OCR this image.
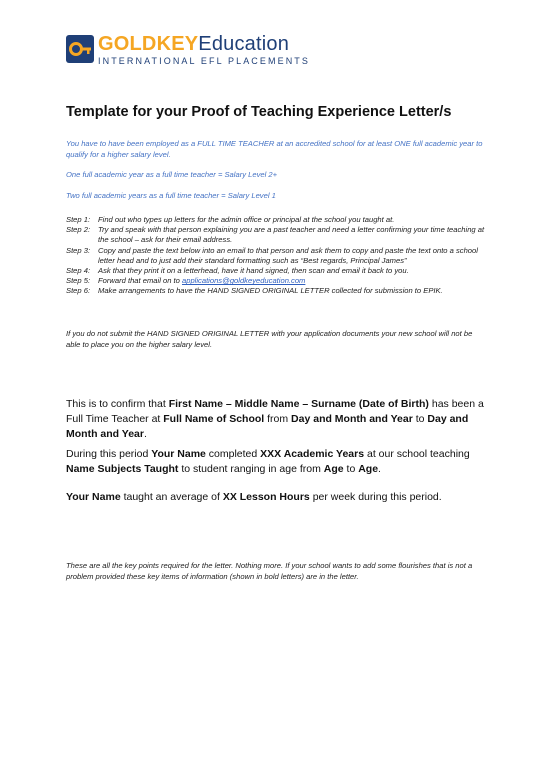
GOLDKEYEducation
INTERNATIONAL EFL PLACEMENTS
Template for your Proof of Teaching Experience Letter/s

You have to have been employed as a FULL TIME TEACHER at an accredited school for at least ONE full academic year to qualify for a higher salary level.

One full academic year as a full time teacher = Salary Level 2+

Two full academic years as a full time teacher = Salary Level 1

Step 1:	Find out who types up letters for the admin office or principal at the school you taught at.
Step 2:	Try and speak with that person explaining you are a past teacher and need a letter confirming your time teaching at the school – ask for their email address.
Step 3:	Copy and paste the text below into an email to that person and ask them to copy and paste the text onto a school letter head and to just add their standard formatting such as “Best regards, Principal James”
Step 4:	Ask that they print it on a letterhead, have it hand signed, then scan and email it back to you.
Step 5:	Forward that email on to applications@goldkeyeducation.com
Step 6:	Make arrangements to have the HAND SIGNED ORIGINAL LETTER collected for submission to EPIK.

If you do not submit the HAND SIGNED ORIGINAL LETTER with your application documents your new school will not be able to place you on the higher salary level.

This is to confirm that First Name – Middle Name – Surname (Date of Birth) has been a Full Time Teacher at Full Name of School from Day and Month and Year to Day and Month and Year.

During this period Your Name completed XXX Academic Years at our school teaching Name Subjects Taught to student ranging in age from Age to Age.

Your Name taught an average of XX Lesson Hours per week during this period.

These are all the key points required for the letter. Nothing more. If your school wants to add some flourishes that is not a problem provided these key items of information (shown in bold letters) are in the letter.
